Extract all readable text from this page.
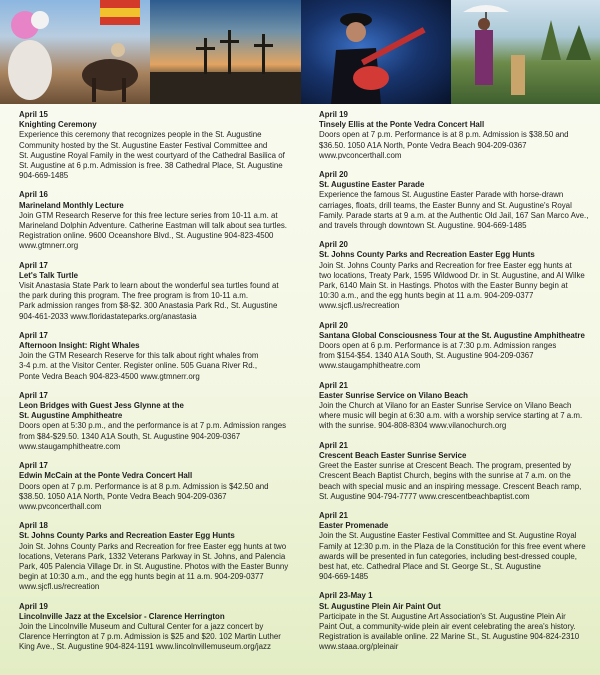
April 15
Knighting Ceremony
Experience this ceremony that recognizes people in the St. Augustine
Community hosted by the St. Augustine Easter Festival Committee and
St. Augustine Royal Family in the west courtyard of the Cathedral Basilica of
St. Augustine at 6 p.m. Admission is free. 38 Cathedral Place, St. Augustine
904-669-1485
April 16
Marineland Monthly Lecture
Join GTM Research Reserve for this free lecture series from 10-11 a.m. at
Marineland Dolphin Adventure. Catherine Eastman will talk about sea turtles.
Registration online. 9600 Oceanshore Blvd., St. Augustine 904-823-4500
www.gtmnerr.org
April 17
Let's Talk Turtle
Visit Anastasia State Park to learn about the wonderful sea turtles found at
the park during this program. The free program is from 10-11 a.m.
Park admission ranges from $8-$2. 300 Anastasia Park Rd., St. Augustine
904-461-2033 www.floridastateparks.org/anastasia
April 17
Afternoon Insight: Right Whales
Join the GTM Research Reserve for this talk about right whales from
3-4 p.m. at the Visitor Center. Register online. 505 Guana River Rd.,
Ponte Vedra Beach 904-823-4500 www.gtmnerr.org
April 17
Leon Bridges with Guest Jess Glynne at the
St. Augustine Amphitheatre
Doors open at 5:30 p.m., and the performance is at 7 p.m. Admission ranges
from $84-$29.50. 1340 A1A South, St. Augustine 904-209-0367
www.staugamphitheatre.com
April 17
Edwin McCain at the Ponte Vedra Concert Hall
Doors open at 7 p.m. Performance is at 8 p.m. Admission is $42.50 and
$38.50. 1050 A1A North, Ponte Vedra Beach 904-209-0367
www.pvconcerthall.com
April 18
St. Johns County Parks and Recreation Easter Egg Hunts
Join St. Johns County Parks and Recreation for free Easter egg hunts at two
locations, Veterans Park, 1332 Veterans Parkway in St. Johns, and Palencia
Park, 405 Palencia Village Dr. in St. Augustine. Photos with the Easter Bunny
begin at 10:30 a.m., and the egg hunts begin at 11 a.m. 904-209-0377
www.sjcfl.us/recreation
April 19
Lincolnville Jazz at the Excelsior - Clarence Herrington
Join the Lincolnville Museum and Cultural Center for a jazz concert by
Clarence Herrington at 7 p.m. Admission is $25 and $20. 102 Martin Luther
King Ave., St. Augustine 904-824-1191 www.lincolnvillemuseum.org/jazz
April 19
Tinsely Ellis at the Ponte Vedra Concert Hall
Doors open at 7 p.m. Performance is at 8 p.m. Admission is $38.50 and
$36.50. 1050 A1A North, Ponte Vedra Beach 904-209-0367
www.pvconcerthall.com
April 20
St. Augustine Easter Parade
Experience the famous St. Augustine Easter Parade with horse-drawn
carriages, floats, drill teams, the Easter Bunny and St. Augustine's Royal
Family. Parade starts at 9 a.m. at the Authentic Old Jail, 167 San Marco Ave.,
and travels through downtown St. Augustine. 904-669-1485
April 20
St. Johns County Parks and Recreation Easter Egg Hunts
Join St. Johns County Parks and Recreation for free Easter egg hunts at
two locations, Treaty Park, 1595 Wildwood Dr. in St. Augustine, and Al Wilke
Park, 6140 Main St. in Hastings. Photos with the Easter Bunny begin at
10:30 a.m., and the egg hunts begin at 11 a.m. 904-209-0377
www.sjcfl.us/recreation
April 20
Santana Global Consciousness Tour at the St. Augustine Amphitheatre
Doors open at 6 p.m. Performance is at 7:30 p.m. Admission ranges
from $154-$54. 1340 A1A South, St. Augustine 904-209-0367
www.staugamphitheatre.com
April 21
Easter Sunrise Service on Vilano Beach
Join the Church at Vilano for an Easter Sunrise Service on Vilano Beach
where music will begin at 6:30 a.m. with a worship service starting at 7 a.m.
with the sunrise. 904-808-8304 www.vilanochurch.org
April 21
Crescent Beach Easter Sunrise Service
Greet the Easter sunrise at Crescent Beach. The program, presented by
Crescent Beach Baptist Church, begins with the sunrise at 7 a.m. on the
beach with special music and an inspiring message. Crescent Beach ramp,
St. Augustine 904-794-7777 www.crescentbeachbaptist.com
April 21
Easter Promenade
Join the St. Augustine Easter Festival Committee and St. Augustine Royal
Family at 12:30 p.m. in the Plaza de la Constitución for this free event where
awards will be presented in fun categories, including best-dressed couple,
best hat, etc. Cathedral Place and St. George St., St. Augustine
904-669-1485
April 23-May 1
St. Augustine Plein Air Paint Out
Participate in the St. Augustine Art Association's St. Augustine Plein Air
Paint Out, a community-wide plein air event celebrating the area's history.
Registration is available online. 22 Marine St., St. Augustine 904-824-2310
www.staaa.org/pleinair
